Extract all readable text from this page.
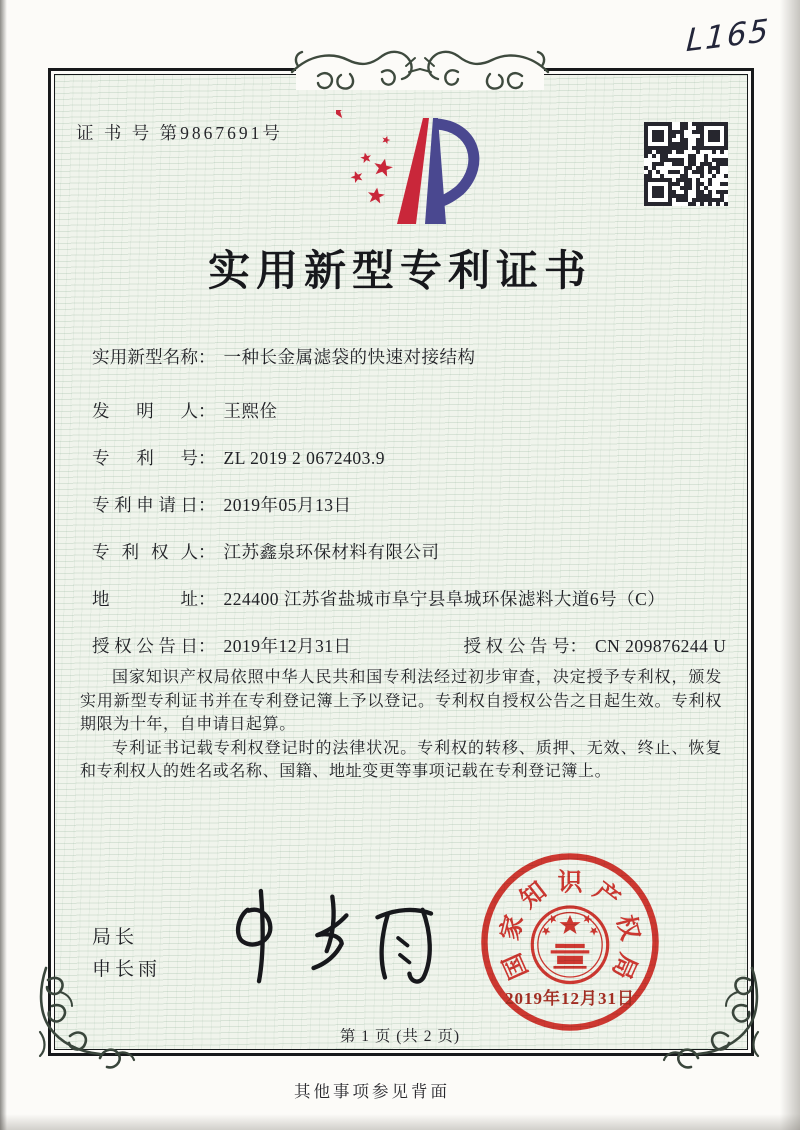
L165
证 书 号 第9867691号
实用新型专利证书
实用新型名称 ： 一种长金属滤袋的快速对接结构
发明人 ： 王熙佺
专利号 ： ZL 2019 2 0672403.9
专利申请日 ： 2019年05月13日
专利权人 ： 江苏鑫泉环保材料有限公司
地址 ： 224400 江苏省盐城市阜宁县阜城环保滤料大道6号（C）
授权公告日 ： 2019年12月31日	授权公告号 ： CN 209876244 U

国家知识产权局依照中华人民共和国专利法经过初步审查，决定授予专利权，颁发实用新型专利证书并在专利登记簿上予以登记。专利权自授权公告之日起生效。专利权期限为十年，自申请日起算。

专利证书记载专利权登记时的法律状况。专利权的转移、质押、无效、终止、恢复和专利权人的姓名或名称、国籍、地址变更等事项记载在专利登记簿上。

局长
申长雨	国
家
知 识 产
权
局
2019年12月31日
第 1 页 (共 2 页)
其他事项参见背面
